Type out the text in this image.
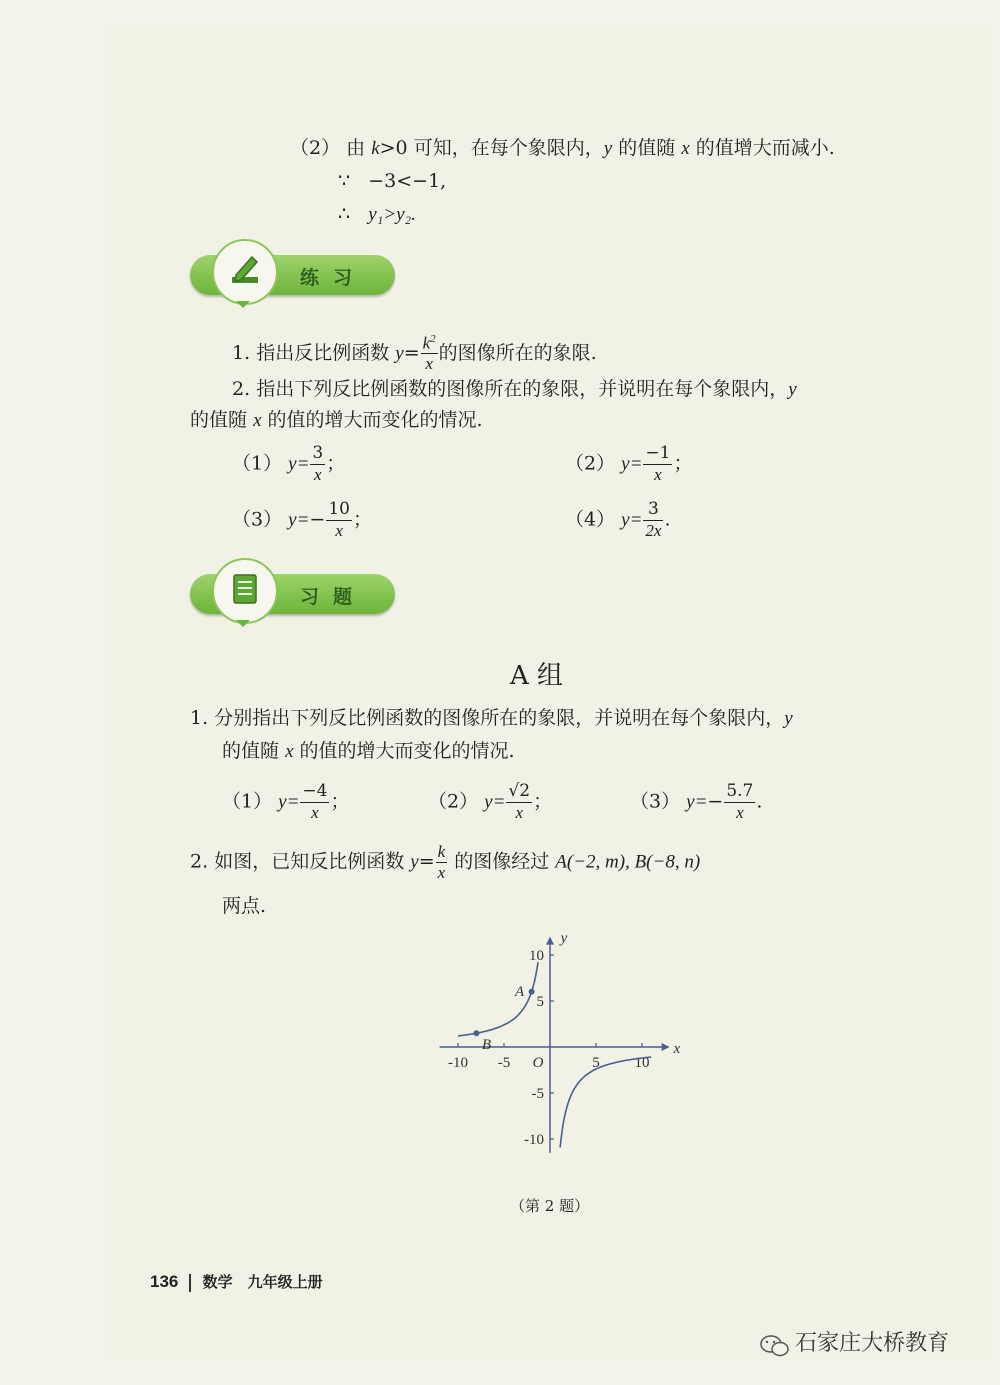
（2） 由 k>0 可知，在每个象限内，y 的值随 x 的值增大而减小.
∵ −3<−1,
∴ y₁>y₂.
练习
1. 指出反比例函数 $y= \frac{k^2}{x}$ 的图像所在的象限.
2. 指出下列反比例函数的图像所在的象限，并说明在每个象限内，y
的值随 x 的值的增大而变化的情况.
（1） $y= \frac{3}{x}$ ；	（2） $y= \frac{-1}{x}$ ；
（3） $y=- \frac{10}{x}$ ；	（4） $y= \frac{3}{2x}$ .
习题
A 组
1. 分别指出下列反比例函数的图像所在的象限，并说明在每个象限内，y
的值随 x 的值的增大而变化的情况.
（1） $y= \frac{-4}{x}$ ；	（2） $y= \frac{√2}{x}$ ；	（3） $y=- \frac{5.7}{x}$ .
2. 如图，已知反比例函数 $y= \frac{k}{x}$ 的图像经过 A(−2, m), B(−8, n)
两点.
x
y
O
-10 -5	5 10
10
5
-5
-10
A
B
（第 2 题）
136 数学　九年级上册
石家庄大桥教育
